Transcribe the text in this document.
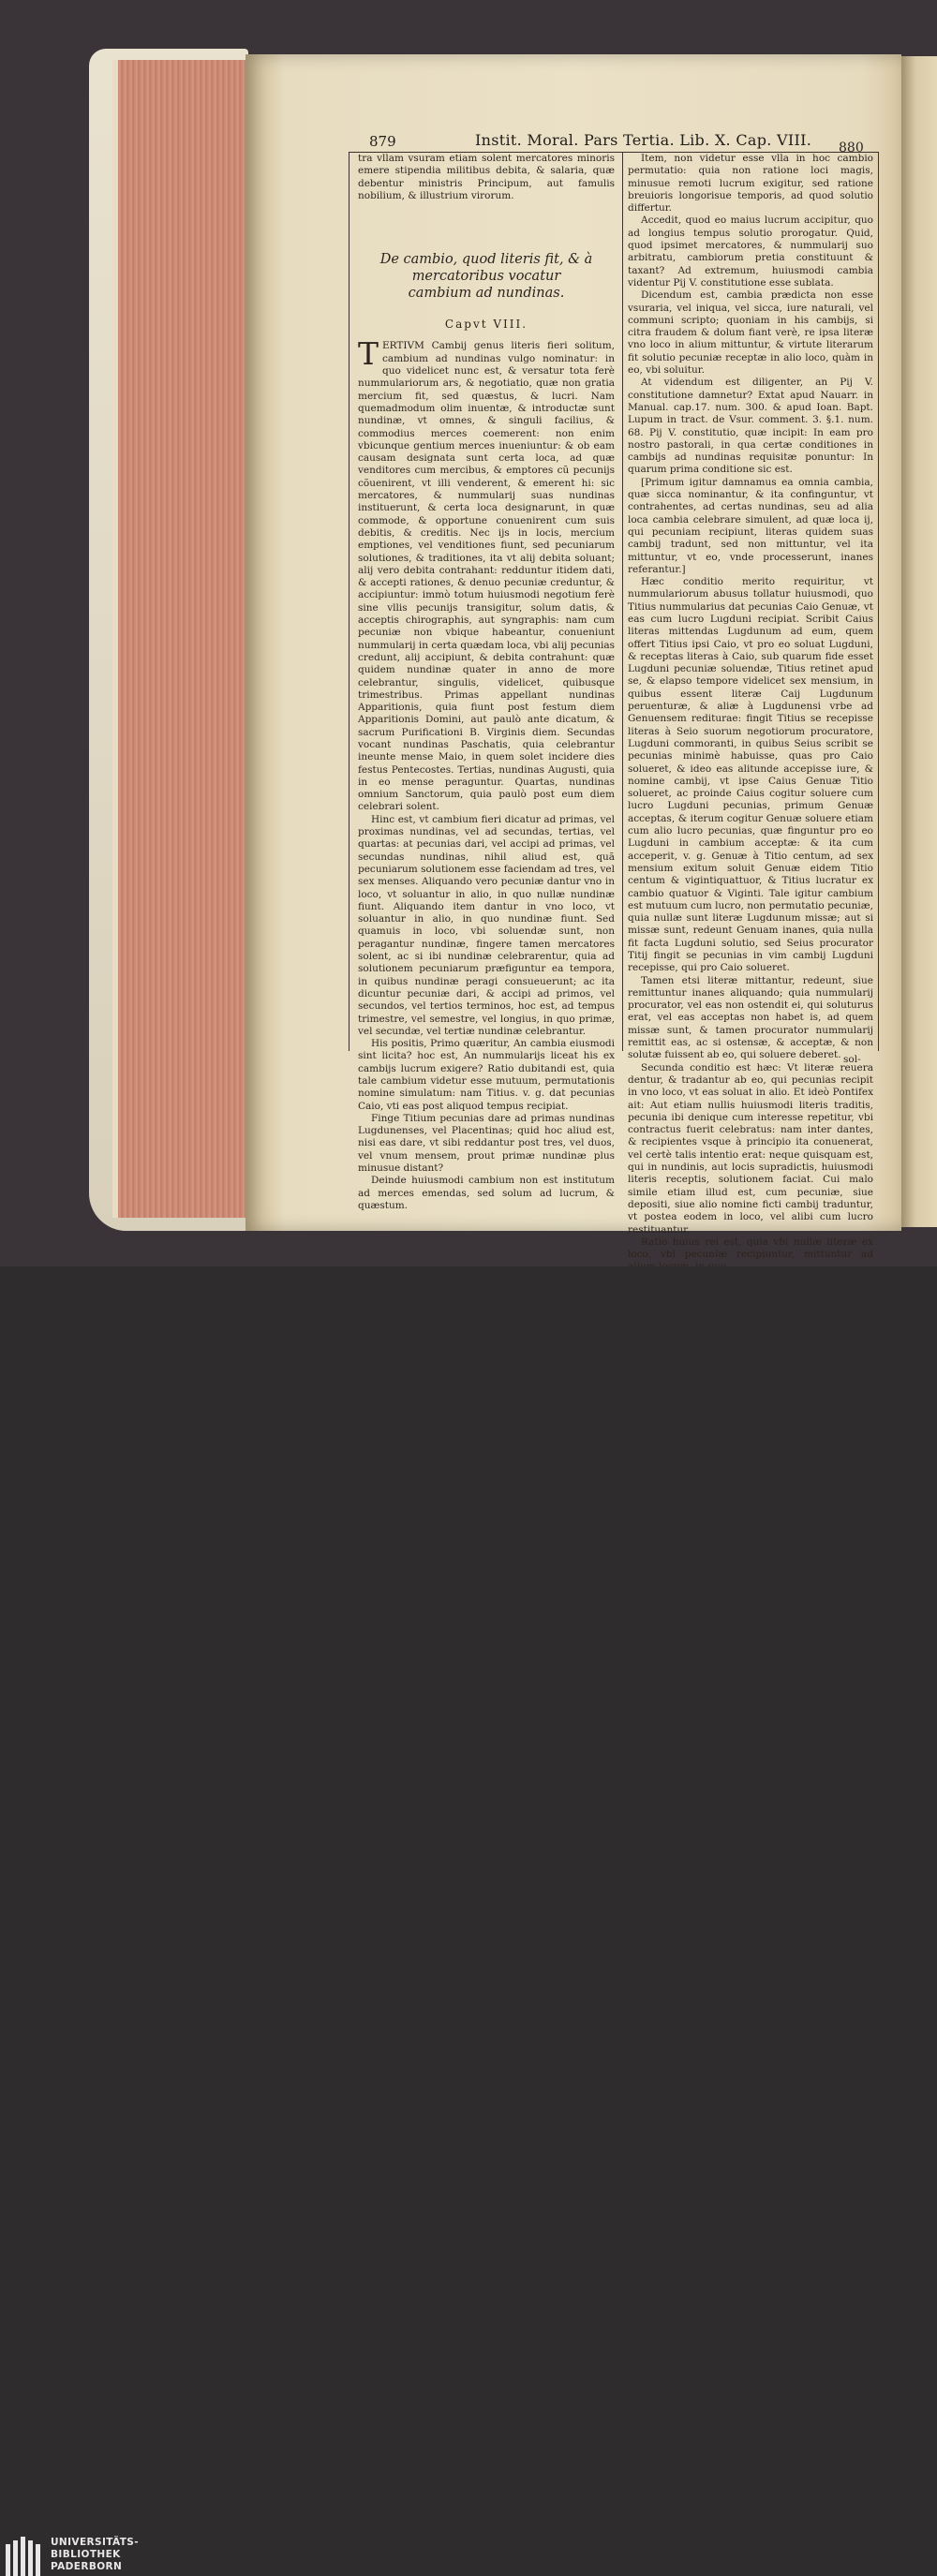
879	Instit. Moral. Pars Tertia. Lib. X. Cap. VIII. 880

tra vllam vsuram etiam solent mercatores minoris emere stipendia militibus debita, & salaria, quæ debentur ministris Principum, aut famulis nobilium, & illustrium virorum.

De cambio, quod literis fit, & à mercatoribus vocatur cambium ad nundinas.

Capvt VIII.

TERTIVM Cambij genus literis fieri solitum, cambium ad nundinas vulgo nominatur: in quo videlicet nunc est, & versatur tota ferè nummulariorum ars, & negotiatio, quæ non gratia mercium fit, sed quæstus, & lucri. Nam quemadmodum olim inuentæ, & introductæ sunt nundinæ, vt omnes, & singuli facilius, & commodius merces coemerent: non enim vbicunque gentium merces inueniuntur: & ob eam causam designata sunt certa loca, ad quæ venditores cum mercibus, & emptores cũ pecunijs cõuenirent, vt illi venderent, & emerent hi: sic mercatores, & nummularij suas nundinas instituerunt, & certa loca designarunt, in quæ commode, & opportune conuenirent cum suis debitis, & creditis. Nec ijs in locis, mercium emptiones, vel venditiones fiunt, sed pecuniarum solutiones, & traditiones, ita vt alij debita soluant; alij vero debita contrahant: redduntur itidem dati, & accepti rationes, & denuo pecuniæ creduntur, & accipiuntur: immò totum huiusmodi negotium ferè sine vllis pecunijs transigitur, solum datis, & acceptis chirographis, aut syngraphis: nam cum pecuniæ non vbique habeantur, conueniunt nummularij in certa quædam loca, vbi alij pecunias credunt, alij accipiunt, & debita contrahunt: quæ quidem nundinæ quater in anno de more celebrantur, singulis, videlicet, quibusque trimestribus. Primas appellant nundinas Apparitionis, quia fiunt post festum diem Apparitionis Domini, aut paulò ante dicatum, & sacrum Purificationi B. Virginis diem. Secundas vocant nundinas Paschatis, quia celebrantur ineunte mense Maio, in quem solet incidere dies festus Pentecostes. Tertias, nundinas Augusti, quia in eo mense peraguntur. Quartas, nundinas omnium Sanctorum, quia paulò post eum diem celebrari solent.

Hinc est, vt cambium fieri dicatur ad primas, vel proximas nundinas, vel ad secundas, tertias, vel quartas: at pecunias dari, vel accipi ad primas, vel secundas nundinas, nihil aliud est, quã pecuniarum solutionem esse faciendam ad tres, vel sex menses. Aliquando vero pecuniæ dantur vno in loco, vt soluantur in alio, in quo nullæ nundinæ fiunt. Aliquando item dantur in vno loco, vt soluantur in alio, in quo nundinæ fiunt. Sed quamuis in loco, vbi soluendæ sunt, non peragantur nundinæ, fingere tamen mercatores solent, ac si ibi nundinæ celebrarentur, quia ad solutionem pecuniarum præfiguntur ea tempora, in quibus nundinæ peragi consueuerunt; ac ita dicuntur pecuniæ dari, & accipi ad primos, vel secundos, vel tertios terminos, hoc est, ad tempus trimestre, vel semestre, vel longius, in quo primæ, vel secundæ, vel tertiæ nundinæ celebrantur.

His positis, Primo quæritur, An cambia eiusmodi sint licita? hoc est, An nummularijs liceat his ex cambijs lucrum exigere? Ratio dubitandi est, quia tale cambium videtur esse mutuum, permutationis nomine simulatum: nam Titius. v. g. dat pecunias Caio, vti eas post aliquod tempus recipiat.

Finge Titium pecunias dare ad primas nundinas Lugdunenses, vel Placentinas; quid hoc aliud est, nisi eas dare, vt sibi reddantur post tres, vel duos, vel vnum mensem, prout primæ nundinæ plus minusue distant?

Deinde huiusmodi cambium non est institutum ad merces emendas, sed solum ad lucrum, & quæstum.

Item, non videtur esse vlla in hoc cambio permutatio: quia non ratione loci magis, minusue remoti lucrum exigitur, sed ratione breuioris longorisue temporis, ad quod solutio differtur.

Accedit, quod eo maius lucrum accipitur, quo ad longius tempus solutio prorogatur. Quid, quod ipsimet mercatores, & nummularij suo arbitratu, cambiorum pretia constituunt & taxant? Ad extremum, huiusmodi cambia videntur Pij V. constitutione esse sublata.

Dicendum est, cambia prædicta non esse vsuraria, vel iniqua, vel sicca, iure naturali, vel communi scripto; quoniam in his cambijs, si citra fraudem & dolum fiant verè, re ipsa literæ vno loco in alium mittuntur, & virtute literarum fit solutio pecuniæ receptæ in alio loco, quàm in eo, vbi soluitur.

At videndum est diligenter, an Pij V. constitutione damnetur? Extat apud Nauarr. in Manual. cap.17. num. 300. & apud Ioan. Bapt. Lupum in tract. de Vsur. comment. 3. §.1. num. 68. Pij V. constitutio, quæ incipit: In eam pro nostro pastorali, in qua certæ conditiones in cambijs ad nundinas requisitæ ponuntur: In quarum prima conditione sic est.

[Primum igitur damnamus ea omnia cambia, quæ sicca nominantur, & ita confinguntur, vt contrahentes, ad certas nundinas, seu ad alia loca cambia celebrare simulent, ad quæ loca ij, qui pecuniam recipiunt, literas quidem suas cambij tradunt, sed non mittuntur, vel ita mittuntur, vt eo, vnde processerunt, inanes referantur.]

Hæc conditio merito requiritur, vt nummulariorum abusus tollatur huiusmodi, quo Titius nummularius dat pecunias Caio Genuæ, vt eas cum lucro Lugduni recipiat. Scribit Caius literas mittendas Lugdunum ad eum, quem offert Titius ipsi Caio, vt pro eo soluat Lugduni, & receptas literas à Caio, sub quarum fide esset Lugduni pecuniæ soluendæ, Titius retinet apud se, & elapso tempore videlicet sex mensium, in quibus essent literæ Caij Lugdunum peruenturæ, & aliæ à Lugdunensi vrbe ad Genuensem rediturae: fingit Titius se recepisse literas à Seio suorum negotiorum procuratore, Lugduni commoranti, in quibus Seius scribit se pecunias minimè habuisse, quas pro Caio solueret, & ideo eas alitunde accepisse iure, & nomine cambij, vt ipse Caius Genuæ Titio solueret, ac proinde Caius cogitur soluere cum lucro Lugduni pecunias, primum Genuæ acceptas, & iterum cogitur Genuæ soluere etiam cum alio lucro pecunias, quæ finguntur pro eo Lugduni in cambium acceptæ: & ita cum acceperit, v. g. Genuæ à Titio centum, ad sex mensium exitum soluit Genuæ eidem Titio centum & vigintiquattuor, & Titius lucratur ex cambio quatuor & Viginti. Tale igitur cambium est mutuum cum lucro, non permutatio pecuniæ, quia nullæ sunt literæ Lugdunum missæ; aut si missæ sunt, redeunt Genuam inanes, quia nulla fit facta Lugduni solutio, sed Seius procurator Titij fingit se pecunias in vim cambij Lugduni recepisse, qui pro Caio solueret.

Tamen etsi literæ mittantur, redeunt, siue remittuntur inanes aliquando; quia nummularij procurator, vel eas non ostendit ei, qui soluturus erat, vel eas acceptas non habet is, ad quem missæ sunt, & tamen procurator nummularij remittit eas, ac si ostensæ, & acceptæ, & non solutæ fuissent ab eo, qui soluere deberet.

Secunda conditio est hæc: Vt literæ reuera dentur, & tradantur ab eo, qui pecunias recipit in vno loco, vt eas soluat in alio. Et ideò Pontifex ait: Aut etiam nullis huiusmodi literis traditis, pecunia ibi denique cum interesse repetitur, vbi contractus fuerit celebratus: nam inter dantes, & recipientes vsque à principio ita conuenerat, vel certè talis intentio erat: neque quisquam est, qui in nundinis, aut locis supradictis, huiusmodi literis receptis, solutionem faciat. Cui malo simile etiam illud est, cum pecuniæ, siue depositi, siue alio nomine ficti cambij traduntur, vt postea eodem in loco, vel alibi cum lucro restituantur.

Ratio huius rei est, quia vbi nullæ literæ ex loco, vbi pecuniæ recipiuntur, mittuntur ad

sol-
UNIVERSITÄTS-
BIBLIOTHEK
PADERBORN
